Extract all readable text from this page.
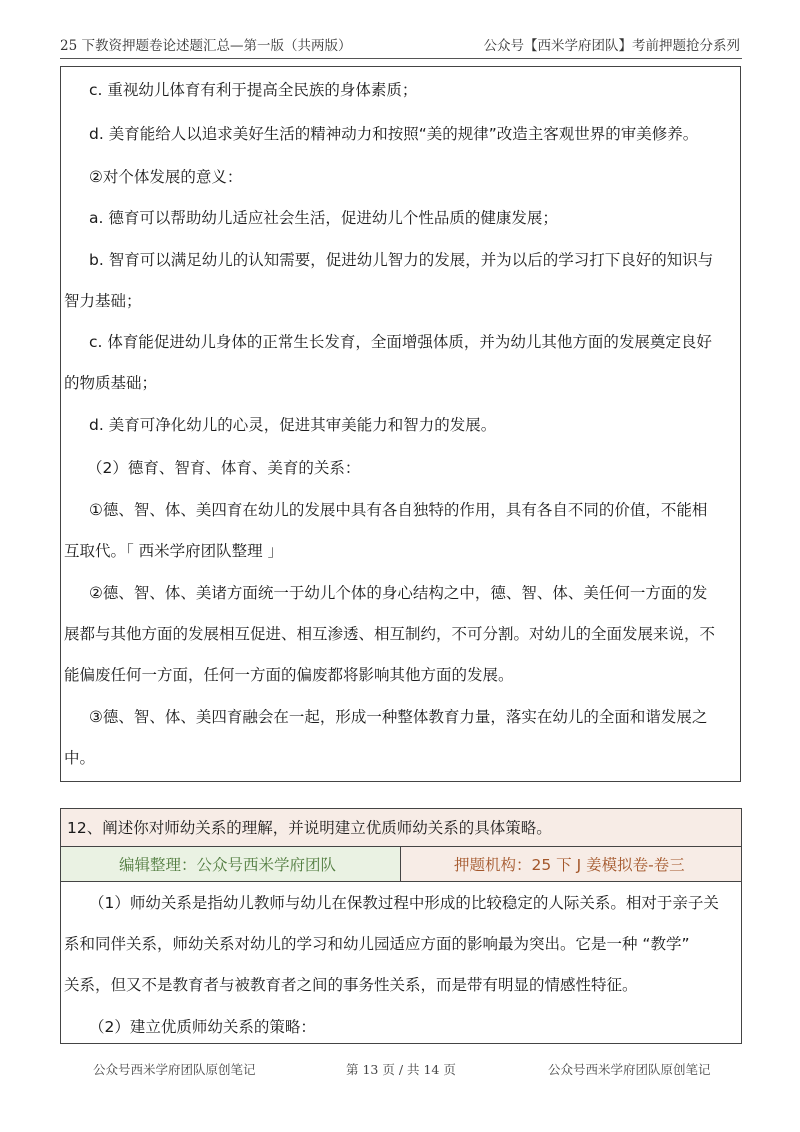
25 下教资押题卷论述题汇总—第一版（共两版）	公众号【西米学府团队】考前押题抢分系列
c. 重视幼儿体育有利于提高全民族的身体素质；
d. 美育能给人以追求美好生活的精神动力和按照“美的规律”改造主客观世界的审美修养。
②对个体发展的意义：
a. 德育可以帮助幼儿适应社会生活，促进幼儿个性品质的健康发展；
b. 智育可以满足幼儿的认知需要，促进幼儿智力的发展，并为以后的学习打下良好的知识与
智力基础；
c. 体育能促进幼儿身体的正常生长发育，全面增强体质，并为幼儿其他方面的发展奠定良好
的物质基础；
d. 美育可净化幼儿的心灵，促进其审美能力和智力的发展。
（2）德育、智育、体育、美育的关系：
①德、智、体、美四育在幼儿的发展中具有各自独特的作用，具有各自不同的价值，不能相
互取代。「 西米学府团队整理 」
②德、智、体、美诸方面统一于幼儿个体的身心结构之中，德、智、体、美任何一方面的发
展都与其他方面的发展相互促进、相互渗透、相互制约，不可分割。对幼儿的全面发展来说，不
能偏废任何一方面，任何一方面的偏废都将影响其他方面的发展。
③德、智、体、美四育融会在一起，形成一种整体教育力量，落实在幼儿的全面和谐发展之
中。
12、阐述你对师幼关系的理解，并说明建立优质师幼关系的具体策略。
编辑整理：公众号西米学府团队	押题机构：25 下 J 姜模拟卷-卷三
（1）师幼关系是指幼儿教师与幼儿在保教过程中形成的比较稳定的人际关系。相对于亲子关
系和同伴关系，师幼关系对幼儿的学习和幼儿园适应方面的影响最为突出。它是一种 “教学”
关系，但又不是教育者与被教育者之间的事务性关系，而是带有明显的情感性特征。
（2）建立优质师幼关系的策略：
公众号西米学府团队原创笔记	第 13 页 / 共 14 页	公众号西米学府团队原创笔记
